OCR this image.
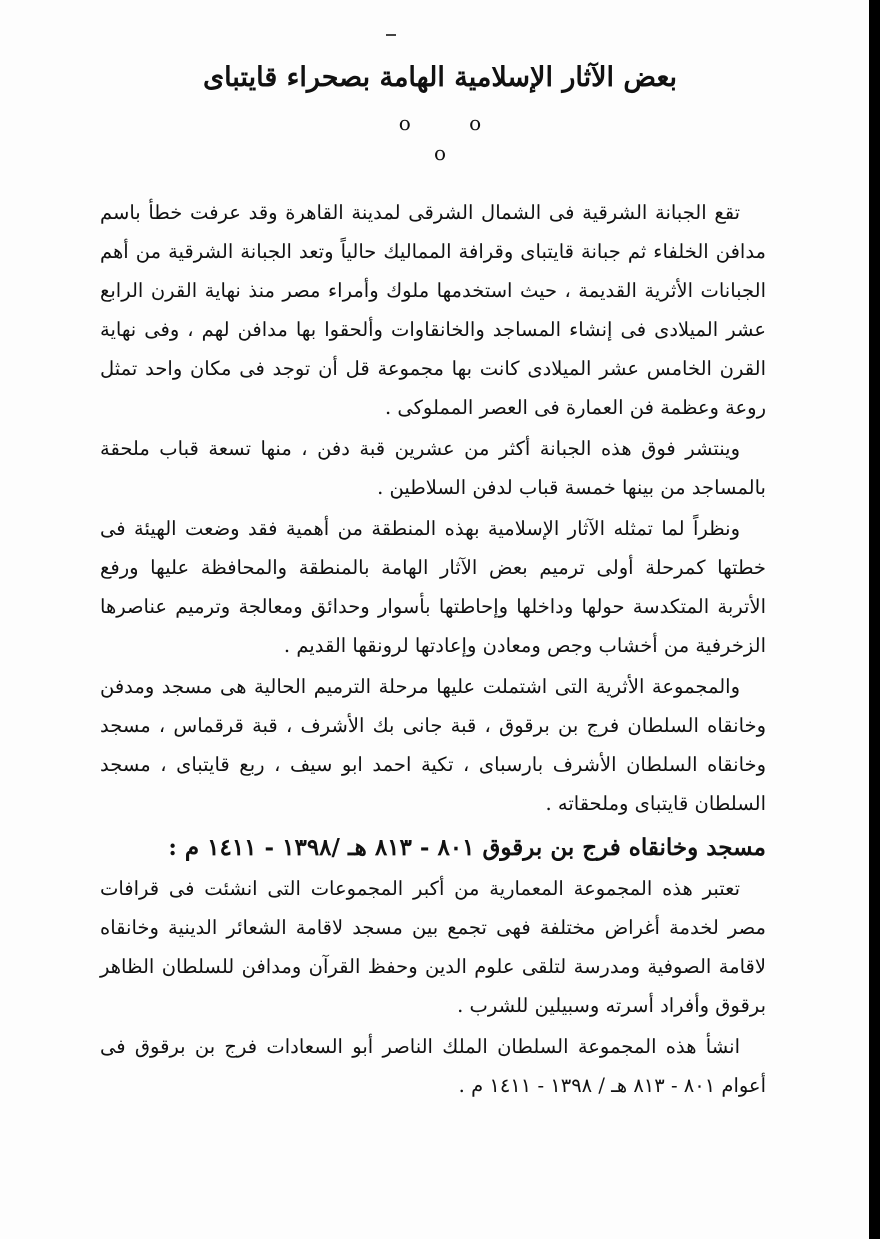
بعض الآثار الإسلامية الهامة بصحراء قايتباى
o o o

تقع الجبانة الشرقية فى الشمال الشرقى لمدينة القاهرة وقد عرفت خطأ باسم مدافن الخلفاء ثم جبانة قايتباى وقرافة المماليك حالياً وتعد الجبانة الشرقية من أهم الجبانات الأثرية القديمة ، حيث استخدمها ملوك وأمراء مصر منذ نهاية القرن الرابع عشر الميلادى فى إنشاء المساجد والخانقاوات وألحقوا بها مدافن لهم ، وفى نهاية القرن الخامس عشر الميلادى كانت بها مجموعة قل أن توجد فى مكان واحد تمثل روعة وعظمة فن العمارة فى العصر المملوكى .

وينتشر فوق هذه الجبانة أكثر من عشرين قبة دفن ، منها تسعة قباب ملحقة بالمساجد من بينها خمسة قباب لدفن السلاطين .

ونظراً لما تمثله الآثار الإسلامية بهذه المنطقة من أهمية فقد وضعت الهيئة فى خطتها كمرحلة أولى ترميم بعض الآثار الهامة بالمنطقة والمحافظة عليها ورفع الأتربة المتكدسة حولها وداخلها وإحاطتها بأسوار وحدائق ومعالجة وترميم عناصرها الزخرفية من أخشاب وجص ومعادن وإعادتها لرونقها القديم .

والمجموعة الأثرية التى اشتملت عليها مرحلة الترميم الحالية هى مسجد ومدفن وخانقاه السلطان فرج بن برقوق ، قبة جانى بك الأشرف ، قبة قرقماس ، مسجد وخانقاه السلطان الأشرف بارسباى ، تكية احمد ابو سيف ، ربع قايتباى ، مسجد السلطان قايتباى وملحقاته .

مسجد وخانقاه فرج بن برقوق ٨٠١ - ٨١٣ هـ /١٣٩٨ - ١٤١١ م :

تعتبر هذه المجموعة المعمارية من أكبر المجموعات التى انشئت فى قرافات مصر لخدمة أغراض مختلفة فهى تجمع بين مسجد لاقامة الشعائر الدينية وخانقاه لاقامة الصوفية ومدرسة لتلقى علوم الدين وحفظ القرآن ومدافن للسلطان الظاهر برقوق وأفراد أسرته وسبيلين للشرب .

انشأ هذه المجموعة السلطان الملك الناصر أبو السعادات فرج بن برقوق فى أعوام ٨٠١ - ٨١٣ هـ / ١٣٩٨ - ١٤١١ م .
